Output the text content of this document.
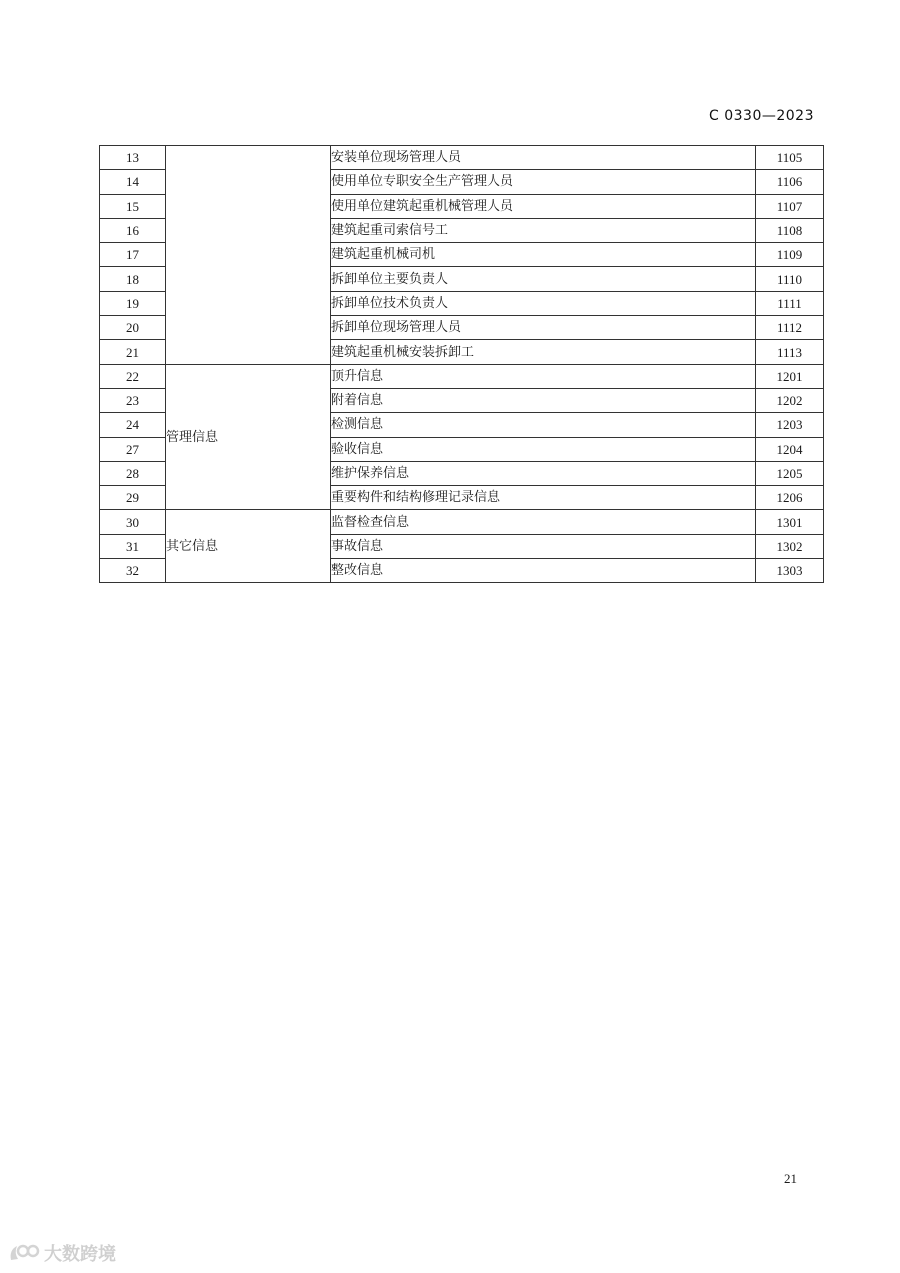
C 0330—2023
13		安装单位现场管理人员	1105
14		使用单位专职安全生产管理人员	1106
15		使用单位建筑起重机械管理人员	1107
16		建筑起重司索信号工	1108
17		建筑起重机械司机	1109
18		拆卸单位主要负责人	1110
19		拆卸单位技术负责人	1111
20		拆卸单位现场管理人员	1112
21		建筑起重机械安装拆卸工	1113
22	管理信息	顶升信息	1201
23		附着信息	1202
24		检测信息	1203
27		验收信息	1204
28		维护保养信息	1205
29		重要构件和结构修理记录信息	1206
30	其它信息	监督检查信息	1301
31		事故信息	1302
32		整改信息	1303
21
大数跨境
